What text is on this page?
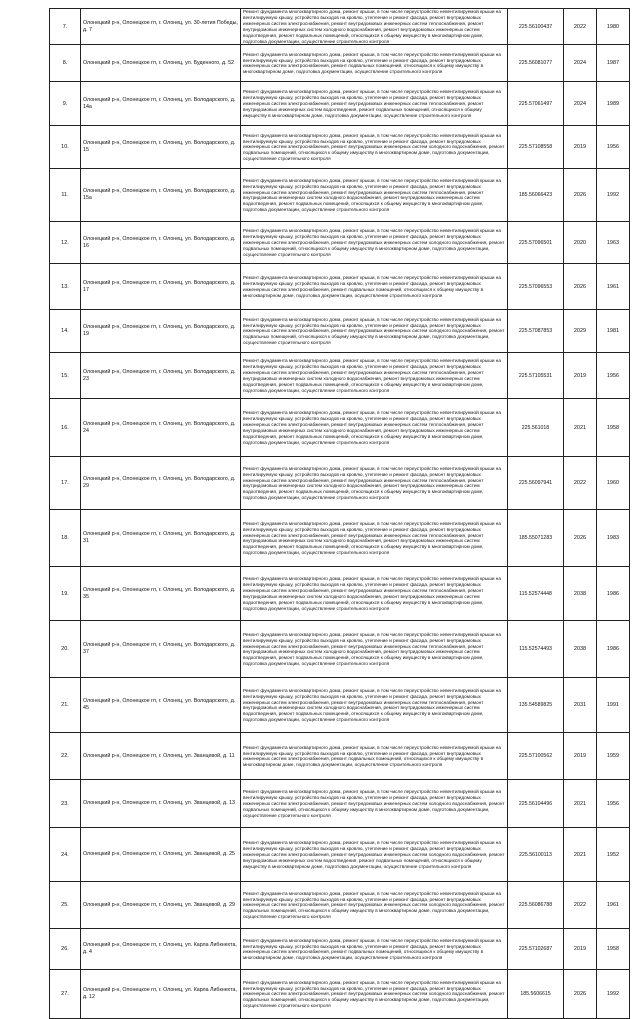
7.	Олонецкий р-н, Олонецкое гп, г. Олонец, ул. 30-летия Победы, д. 7	Ремонт фундамента многоквартирного дома, ремонт крыши, в том числе переустройство невентилируемой крыши на вентилируемую крышу, устройство выходов на кровлю, утепление и ремонт фасада, ремонт внутридомовых инженерных систем электроснабжения, ремонт внутридомовых инженерных систем теплоснабжения, ремонт внутридомовых инженерных систем холодного водоснабжения, ремонт внутридомовых инженерных систем водоотведения, ремонт подвальных помещений, относящихся к общему имуществу в многоквартирном доме, подготовка документации, осуществление строительного контроля	225.56100437	2022	1980
8.	Олонецкий р-н, Олонецкое гп, г. Олонец, ул. Буденного, д. 52	Ремонт фундамента многоквартирного дома, ремонт крыши, в том числе переустройство невентилируемой крыши на вентилируемую крышу, устройство выходов на кровлю, утепление и ремонт фасада, ремонт внутридомовых инженерных систем электроснабжения, ремонт подвальных помещений, относящихся к общему имуществу в многоквартирном доме, подготовка документации, осуществление строительного контроля	225.56081077	2024	1987
9.	Олонецкий р-н, Олонецкое гп, г. Олонец, ул. Володарского, д. 14а	Ремонт фундамента многоквартирного дома, ремонт крыши, в том числе переустройство невентилируемой крыши на вентилируемую крышу, устройство выходов на кровлю, утепление и ремонт фасада, ремонт внутридомовых инженерных систем электроснабжения, ремонт внутридомовых инженерных систем теплоснабжения, ремонт внутридомовых инженерных систем водоотведения, ремонт подвальных помещений, относящихся к общему имуществу в многоквартирном доме, подготовка документации, осуществление строительного контроля	225.57061497	2024	1989
10.	Олонецкий р-н, Олонецкое гп, г. Олонец, ул. Володарского, д. 15	Ремонт фундамента многоквартирного дома, ремонт крыши, в том числе переустройство невентилируемой крыши на вентилируемую крышу, устройство выходов на кровлю, утепление и ремонт фасада, ремонт внутридомовых инженерных систем электроснабжения, ремонт внутридомовых инженерных систем холодного водоснабжения, ремонт подвальных помещений, относящихся к общему имуществу в многоквартирном доме, подготовка документации, осуществление строительного контроля	225.57108558	2019	1956
11.	Олонецкий р-н, Олонецкое гп, г. Олонец, ул. Володарского, д. 15а	Ремонт фундамента многоквартирного дома, ремонт крыши, в том числе переустройство невентилируемой крыши на вентилируемую крышу, устройство выходов на кровлю, утепление и ремонт фасада, ремонт внутридомовых инженерных систем электроснабжения, ремонт внутридомовых инженерных систем теплоснабжения, ремонт внутридомовых инженерных систем холодного водоснабжения, ремонт внутридомовых инженерных систем водоотведения, ремонт подвальных помещений, относящихся к общему имуществу в многоквартирном доме, подготовка документации, осуществление строительного контроля	185.56066423	2026	1992
12.	Олонецкий р-н, Олонецкое гп, г. Олонец, ул. Володарского, д. 16	Ремонт фундамента многоквартирного дома, ремонт крыши, в том числе переустройство невентилируемой крыши на вентилируемую крышу, устройство выходов на кровлю, утепление и ремонт фасада, ремонт внутридомовых инженерных систем электроснабжения, ремонт внутридомовых инженерных систем холодного водоснабжения, ремонт подвальных помещений, относящихся к общему имуществу в многоквартирном доме, подготовка документации, осуществление строительного контроля	225.57096501	2020	1963
13.	Олонецкий р-н, Олонецкое гп, г. Олонец, ул. Володарского, д. 17	Ремонт фундамента многоквартирного дома, ремонт крыши, в том числе переустройство невентилируемой крыши на вентилируемую крышу, устройство выходов на кровлю, утепление и ремонт фасада, ремонт внутридомовых инженерных систем электроснабжения, ремонт подвальных помещений, относящихся к общему имуществу в многоквартирном доме, подготовка документации, осуществление строительного контроля	225.57096553	2026	1961
14.	Олонецкий р-н, Олонецкое гп, г. Олонец, ул. Володарского, д. 19	Ремонт фундамента многоквартирного дома, ремонт крыши, в том числе переустройство невентилируемой крыши на вентилируемую крышу, устройство выходов на кровлю, утепление и ремонт фасада, ремонт внутридомовых инженерных систем электроснабжения, ремонт внутридомовых инженерных систем холодного водоснабжения, ремонт подвальных помещений, относящихся к общему имуществу в многоквартирном доме, подготовка документации, осуществление строительного контроля	225.57087853	2029	1981
15.	Олонецкий р-н, Олонецкое гп, г. Олонец, ул. Володарского, д. 23	Ремонт фундамента многоквартирного дома, ремонт крыши, в том числе переустройство невентилируемой крыши на вентилируемую крышу, устройство выходов на кровлю, утепление и ремонт фасада, ремонт внутридомовых инженерных систем электроснабжения, ремонт внутридомовых инженерных систем теплоснабжения, ремонт внутридомовых инженерных систем холодного водоснабжения, ремонт внутридомовых инженерных систем водоотведения, ремонт подвальных помещений, относящихся к общему имуществу в многоквартирном доме, подготовка документации, осуществление строительного контроля	225.57105531	2019	1956
16.	Олонецкий р-н, Олонецкое гп, г. Олонец, ул. Володарского, д. 24	Ремонт фундамента многоквартирного дома, ремонт крыши, в том числе переустройство невентилируемой крыши на вентилируемую крышу, устройство выходов на кровлю, утепление и ремонт фасада, ремонт внутридомовых инженерных систем электроснабжения, ремонт внутридомовых инженерных систем теплоснабжения, ремонт внутридомовых инженерных систем холодного водоснабжения, ремонт внутридомовых инженерных систем водоотведения, ремонт подвальных помещений, относящихся к общему имуществу в многоквартирном доме, подготовка документации, осуществление строительного контроля	225.561018	2021	1958
17.	Олонецкий р-н, Олонецкое гп, г. Олонец, ул. Володарского, д. 29	Ремонт фундамента многоквартирного дома, ремонт крыши, в том числе переустройство невентилируемой крыши на вентилируемую крышу, устройство выходов на кровлю, утепление и ремонт фасада, ремонт внутридомовых инженерных систем электроснабжения, ремонт внутридомовых инженерных систем теплоснабжения, ремонт внутридомовых инженерных систем холодного водоснабжения, ремонт внутридомовых инженерных систем водоотведения, ремонт подвальных помещений, относящихся к общему имуществу в многоквартирном доме, подготовка документации, осуществление строительного контроля	225.56097941	2022	1960
18.	Олонецкий р-н, Олонецкое гп, г. Олонец, ул. Володарского, д. 31	Ремонт фундамента многоквартирного дома, ремонт крыши, в том числе переустройство невентилируемой крыши на вентилируемую крышу, устройство выходов на кровлю, утепление и ремонт фасада, ремонт внутридомовых инженерных систем электроснабжения, ремонт внутридомовых инженерных систем теплоснабжения, ремонт внутридомовых инженерных систем холодного водоснабжения, ремонт внутридомовых инженерных систем водоотведения, ремонт подвальных помещений, относящихся к общему имуществу в многоквартирном доме, подготовка документации, осуществление строительного контроля	185.55071283	2026	1983
19.	Олонецкий р-н, Олонецкое гп, г. Олонец, ул. Володарского, д. 35	Ремонт фундамента многоквартирного дома, ремонт крыши, в том числе переустройство невентилируемой крыши на вентилируемую крышу, устройство выходов на кровлю, утепление и ремонт фасада, ремонт внутридомовых инженерных систем электроснабжения, ремонт внутридомовых инженерных систем теплоснабжения, ремонт внутридомовых инженерных систем холодного водоснабжения, ремонт внутридомовых инженерных систем водоотведения, ремонт подвальных помещений, относящихся к общему имуществу в многоквартирном доме, подготовка документации, осуществление строительного контроля	115.52574448	2038	1986
20.	Олонецкий р-н, Олонецкое гп, г. Олонец, ул. Володарского, д. 37	Ремонт фундамента многоквартирного дома, ремонт крыши, в том числе переустройство невентилируемой крыши на вентилируемую крышу, устройство выходов на кровлю, утепление и ремонт фасада, ремонт внутридомовых инженерных систем электроснабжения, ремонт внутридомовых инженерных систем теплоснабжения, ремонт внутридомовых инженерных систем холодного водоснабжения, ремонт внутридомовых инженерных систем водоотведения, ремонт подвальных помещений, относящихся к общему имуществу в многоквартирном доме, подготовка документации, осуществление строительного контроля	115.52574493	2038	1986
21.	Олонецкий р-н, Олонецкое гп, г. Олонец, ул. Володарского, д. 45	Ремонт фундамента многоквартирного дома, ремонт крыши, в том числе переустройство невентилируемой крыши на вентилируемую крышу, устройство выходов на кровлю, утепление и ремонт фасада, ремонт внутридомовых инженерных систем электроснабжения, ремонт внутридомовых инженерных систем теплоснабжения, ремонт внутридомовых инженерных систем холодного водоснабжения, ремонт внутридомовых инженерных систем водоотведения, ремонт подвальных помещений, относящихся к общему имуществу в многоквартирном доме, подготовка документации, осуществление строительного контроля	135.54589825	2031	1991
22.	Олонецкий р-н, Олонецкое гп, г. Олонец, ул. Званцевой, д. 11	Ремонт фундамента многоквартирного дома, ремонт крыши, в том числе переустройство невентилируемой крыши на вентилируемую крышу, устройство выходов на кровлю, утепление и ремонт фасада, ремонт внутридомовых инженерных систем электроснабжения, ремонт подвальных помещений, относящихся к общему имуществу в многоквартирном доме, подготовка документации, осуществление строительного контроля	225.57100562	2019	1959
23.	Олонецкий р-н, Олонецкое гп, г. Олонец, ул. Званцевой, д. 13	Ремонт фундамента многоквартирного дома, ремонт крыши, в том числе переустройство невентилируемой крыши на вентилируемую крышу, устройство выходов на кровлю, утепление и ремонт фасада, ремонт внутридомовых инженерных систем электроснабжения, ремонт внутридомовых инженерных систем холодного водоснабжения, ремонт подвальных помещений, относящихся к общему имуществу в многоквартирном доме, подготовка документации, осуществление строительного контроля	225.56104496	2021	1956
24.	Олонецкий р-н, Олонецкое гп, г. Олонец, ул. Званцевой, д. 25	Ремонт фундамента многоквартирного дома, ремонт крыши, в том числе переустройство невентилируемой крыши на вентилируемую крышу, устройство выходов на кровлю, утепление и ремонт фасада, ремонт внутридомовых инженерных систем электроснабжения, ремонт внутридомовых инженерных систем холодного водоснабжения, ремонт внутридомовых инженерных систем водоотведения, ремонт подвальных помещений, относящихся к общему имуществу в многоквартирном доме, подготовка документации, осуществление строительного контроля	225.56100113	2021	1952
25.	Олонецкий р-н, Олонецкое гп, г. Олонец, ул. Званцевой, д. 29	Ремонт фундамента многоквартирного дома, ремонт крыши, в том числе переустройство невентилируемой крыши на вентилируемую крышу, устройство выходов на кровлю, утепление и ремонт фасада, ремонт внутридомовых инженерных систем электроснабжения, ремонт внутридомовых инженерных систем холодного водоснабжения, ремонт подвальных помещений, относящихся к общему имуществу в многоквартирном доме, подготовка документации, осуществление строительного контроля	225.56086788	2022	1961
26.	Олонецкий р-н, Олонецкое гп, г. Олонец, ул. Карла Либкнехта, д. 4	Ремонт фундамента многоквартирного дома, ремонт крыши, в том числе переустройство невентилируемой крыши на вентилируемую крышу, устройство выходов на кровлю, утепление и ремонт фасада, ремонт внутридомовых инженерных систем электроснабжения, ремонт подвальных помещений, относящихся к общему имуществу в многоквартирном доме, подготовка документации, осуществление строительного контроля	225.57102687	2019	1958
27.	Олонецкий р-н, Олонецкое гп, г. Олонец, ул. Карла Либкнехта, д. 12	Ремонт фундамента многоквартирного дома, ремонт крыши, в том числе переустройство невентилируемой крыши на вентилируемую крышу, устройство выходов на кровлю, утепление и ремонт фасада, ремонт внутридомовых инженерных систем электроснабжения, ремонт внутридомовых инженерных систем холодного водоснабжения, ремонт подвальных помещений, относящихся к общему имуществу в многоквартирном доме, подготовка документации, осуществление строительного контроля	185.5606615	2026	1992
